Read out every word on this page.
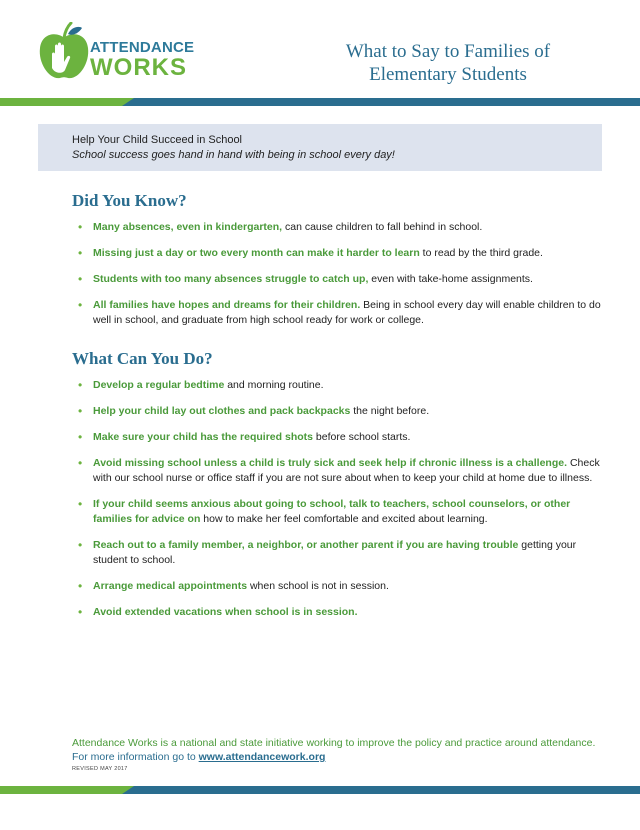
ATTENDANCE
WORKS
What to Say to Families of
Elementary Students
Help Your Child Succeed in School
School success goes hand in hand with being in school every day!
Did You Know?
• Many absences, even in kindergarten, can cause children to fall behind in school.
• Missing just a day or two every month can make it harder to learn to read by the third grade.
• Students with too many absences struggle to catch up, even with take-home assignments.
• All families have hopes and dreams for their children. Being in school every day will enable children to do well in school, and graduate from high school ready for work or college.
What Can You Do?
• Develop a regular bedtime and morning routine.
• Help your child lay out clothes and pack backpacks the night before.
• Make sure your child has the required shots before school starts.
• Avoid missing school unless a child is truly sick and seek help if chronic illness is a challenge. Check with our school nurse or office staff if you are not sure about when to keep your child at home due to illness.
• If your child seems anxious about going to school, talk to teachers, school counselors, or other families for advice on how to make her feel comfortable and excited about learning.
• Reach out to a family member, a neighbor, or another parent if you are having trouble getting your student to school.
• Arrange medical appointments when school is not in session.
• Avoid extended vacations when school is in session.
Attendance Works is a national and state initiative working to improve the policy and practice around attendance.
For more information go to www.attendancework.org
REVISED MAY 2017
